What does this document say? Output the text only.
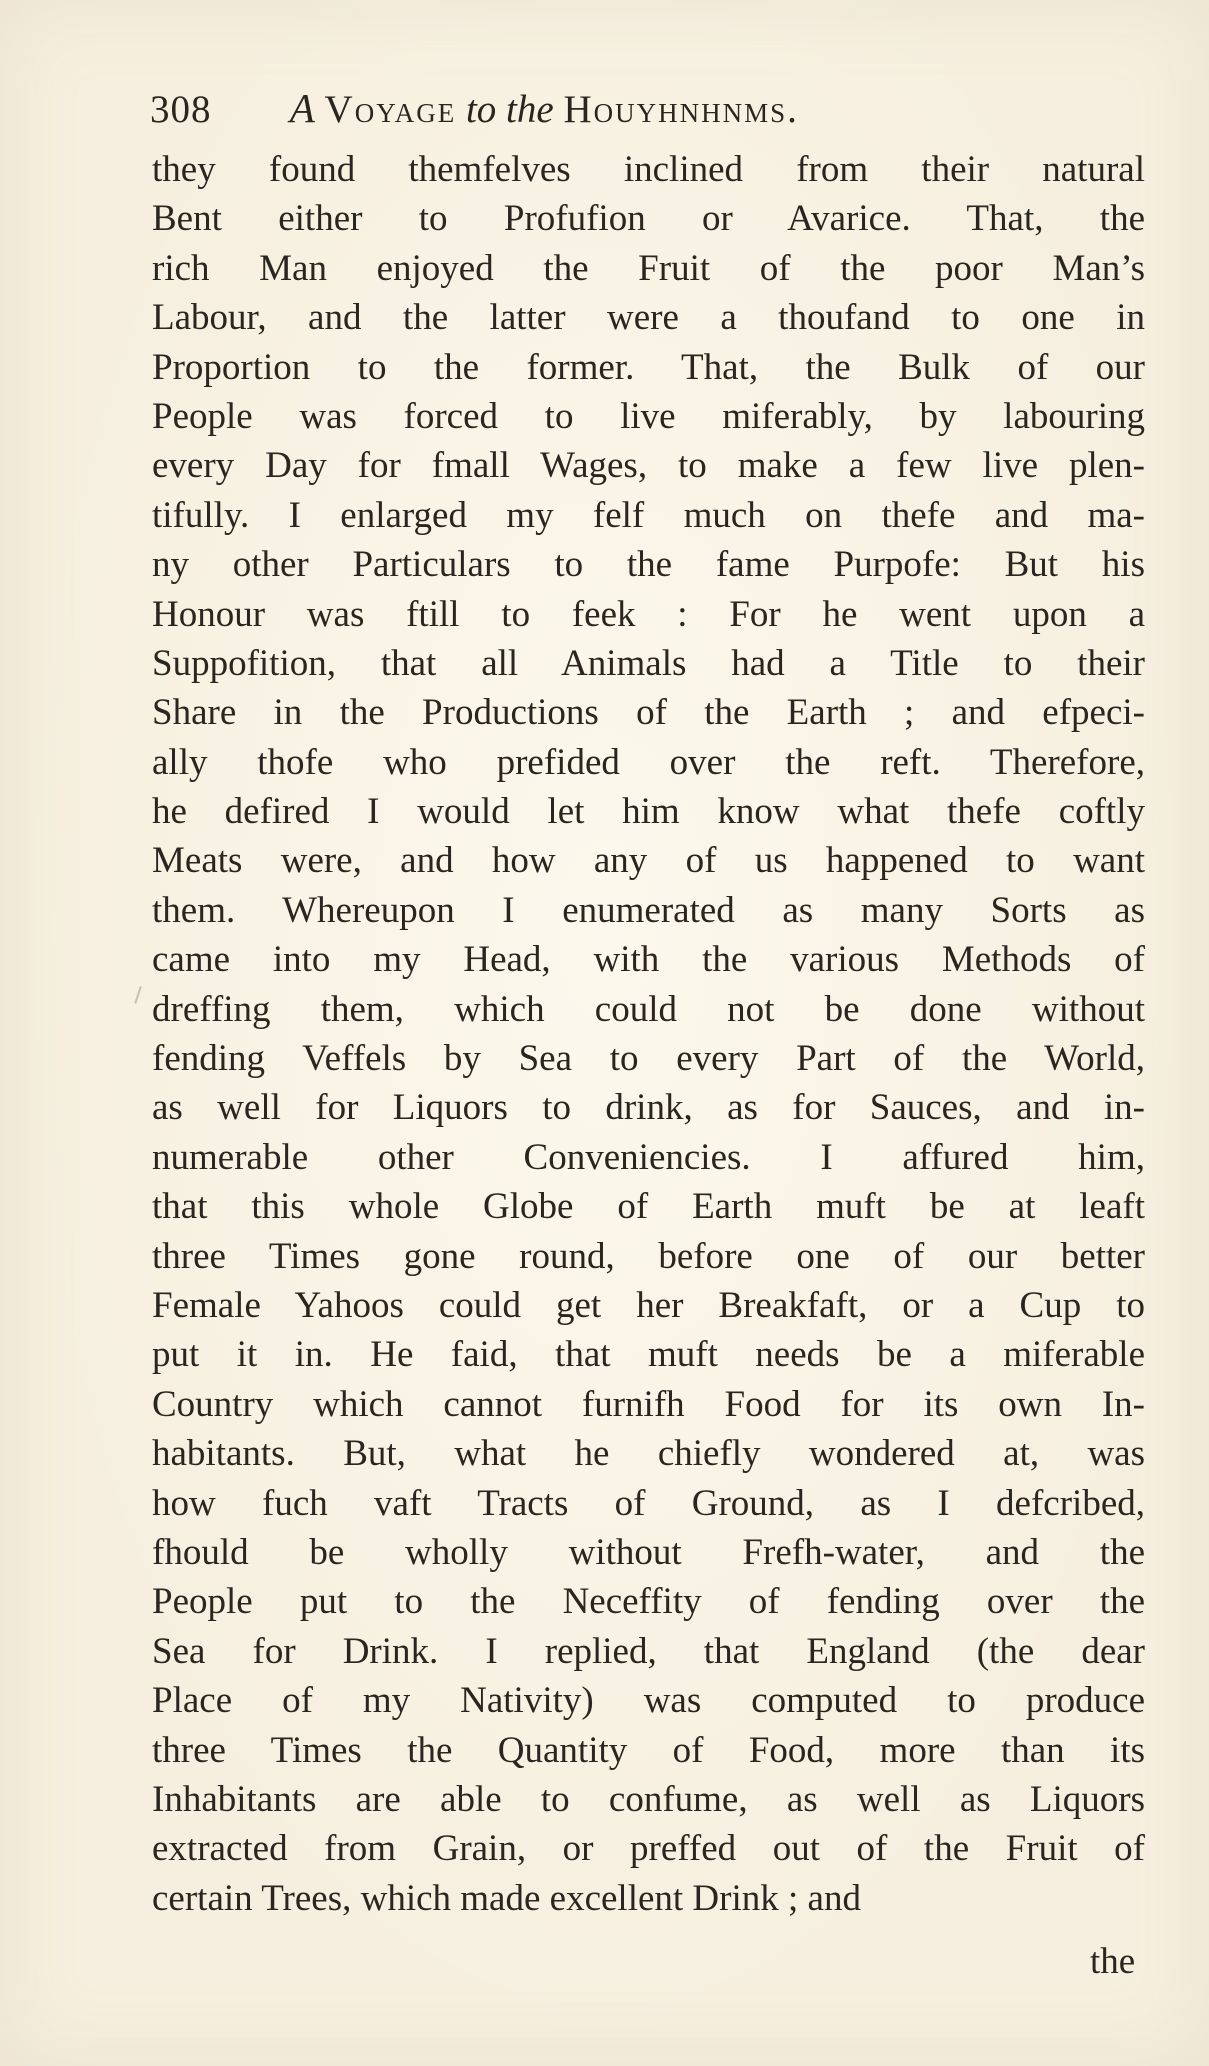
308 A Voyage to the Houyhnhnms.
they found themfelves inclined from their natural
Bent either to Profufion or Avarice. That, the
rich Man enjoyed the Fruit of the poor Man’s
Labour, and the latter were a thoufand to one in
Proportion to the former. That, the Bulk of our
People was forced to live miferably, by labouring
every Day for fmall Wages, to make a few live plen-
tifully. I enlarged my felf much on thefe and ma-
ny other Particulars to the fame Purpofe: But his
Honour was ftill to feek : For he went upon a
Suppofition, that all Animals had a Title to their
Share in the Productions of the Earth ; and efpeci-
ally thofe who prefided over the reft. Therefore,
he defired I would let him know what thefe coftly
Meats were, and how any of us happened to want
them. Whereupon I enumerated as many Sorts as
came into my Head, with the various Methods of
dreffing them, which could not be done without
fending Veffels by Sea to every Part of the World,
as well for Liquors to drink, as for Sauces, and in-
numerable other Conveniencies. I affured him,
that this whole Globe of Earth muft be at leaft
three Times gone round, before one of our better
Female Yahoos could get her Breakfaft, or a Cup to
put it in. He faid, that muft needs be a miferable
Country which cannot furnifh Food for its own In-
habitants. But, what he chiefly wondered at, was
how fuch vaft Tracts of Ground, as I defcribed,
fhould be wholly without Frefh-water, and the
People put to the Neceffity of fending over the
Sea for Drink. I replied, that England (the dear
Place of my Nativity) was computed to produce
three Times the Quantity of Food, more than its
Inhabitants are able to confume, as well as Liquors
extracted from Grain, or preffed out of the Fruit of
certain Trees, which made excellent Drink ; and
the
